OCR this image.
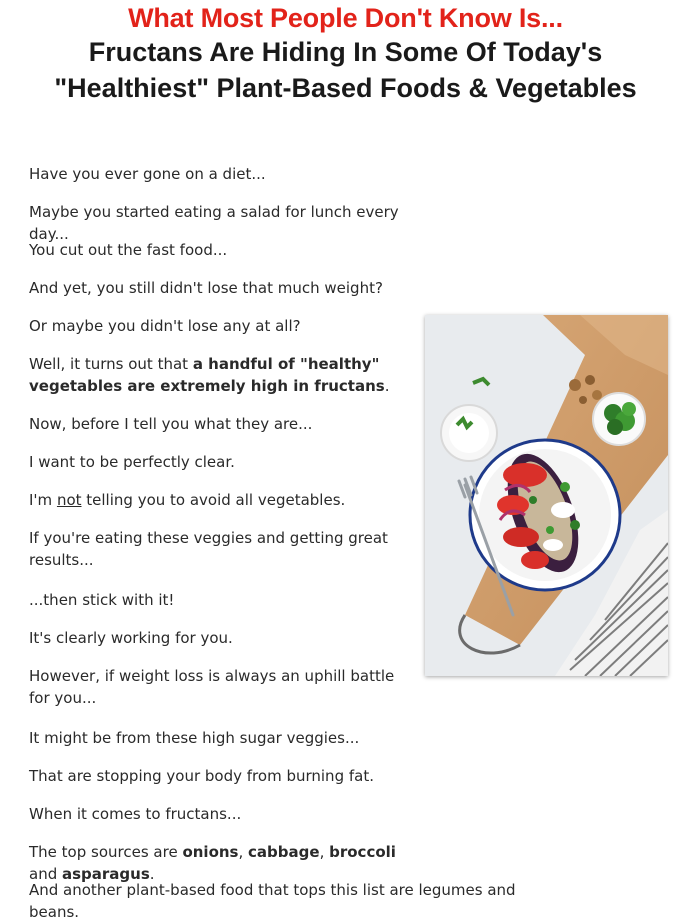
What Most People Don't Know Is...
Fructans Are Hiding In Some Of Today's "Healthiest" Plant-Based Foods & Vegetables

Have you ever gone on a diet...

Maybe you started eating a salad for lunch every day...

You cut out the fast food...

And yet, you still didn't lose that much weight?

Or maybe you didn't lose any at all?

Well, it turns out that a handful of "healthy" vegetables are extremely high in fructans.

Now, before I tell you what they are...

I want to be perfectly clear.

I'm not telling you to avoid all vegetables.

If you're eating these veggies and getting great results...

...then stick with it!

It's clearly working for you.

However, if weight loss is always an uphill battle for you...

It might be from these high sugar veggies...

That are stopping your body from burning fat.

When it comes to fructans...

The top sources are onions, cabbage, broccoli and asparagus.

And another plant-based food that tops this list are legumes and beans.
